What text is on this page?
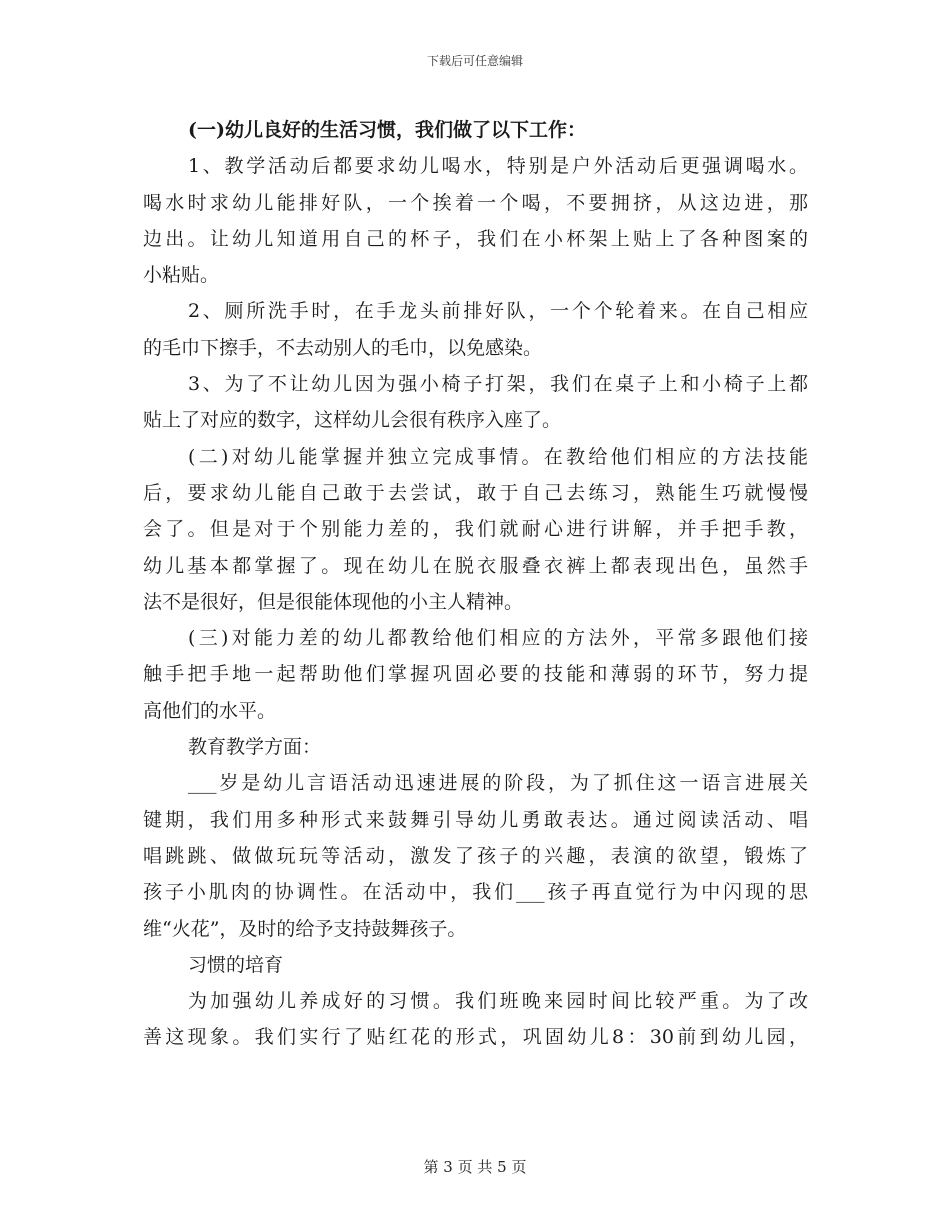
下载后可任意编辑
(一)幼儿良好的生活习惯，我们做了以下工作：
1、教学活动后都要求幼儿喝水，特别是户外活动后更强调喝水。
喝水时求幼儿能排好队，一个挨着一个喝，不要拥挤，从这边进，那
边出。让幼儿知道用自己的杯子，我们在小杯架上贴上了各种图案的
小粘贴。
2、厕所洗手时，在手龙头前排好队，一个个轮着来。在自己相应
的毛巾下擦手，不去动别人的毛巾，以免感染。
3、为了不让幼儿因为强小椅子打架，我们在桌子上和小椅子上都
贴上了对应的数字，这样幼儿会很有秩序入座了。
(二)对幼儿能掌握并独立完成事情。在教给他们相应的方法技能
后，要求幼儿能自己敢于去尝试，敢于自己去练习，熟能生巧就慢慢
会了。但是对于个别能力差的，我们就耐心进行讲解，并手把手教，
幼儿基本都掌握了。现在幼儿在脱衣服叠衣裤上都表现出色，虽然手
法不是很好，但是很能体现他的小主人精神。
(三)对能力差的幼儿都教给他们相应的方法外，平常多跟他们接
触手把手地一起帮助他们掌握巩固必要的技能和薄弱的环节，努力提
高他们的水平。
教育教学方面：
___岁是幼儿言语活动迅速进展的阶段，为了抓住这一语言进展关
键期，我们用多种形式来鼓舞引导幼儿勇敢表达。通过阅读活动、唱
唱跳跳、做做玩玩等活动，激发了孩子的兴趣，表演的欲望，锻炼了
孩子小肌肉的协调性。在活动中，我们___孩子再直觉行为中闪现的思
维“火花”，及时的给予支持鼓舞孩子。
习惯的培育
为加强幼儿养成好的习惯。我们班晚来园时间比较严重。为了改
善这现象。我们实行了贴红花的形式，巩固幼儿8：30前到幼儿园，
第 3 页 共 5 页
